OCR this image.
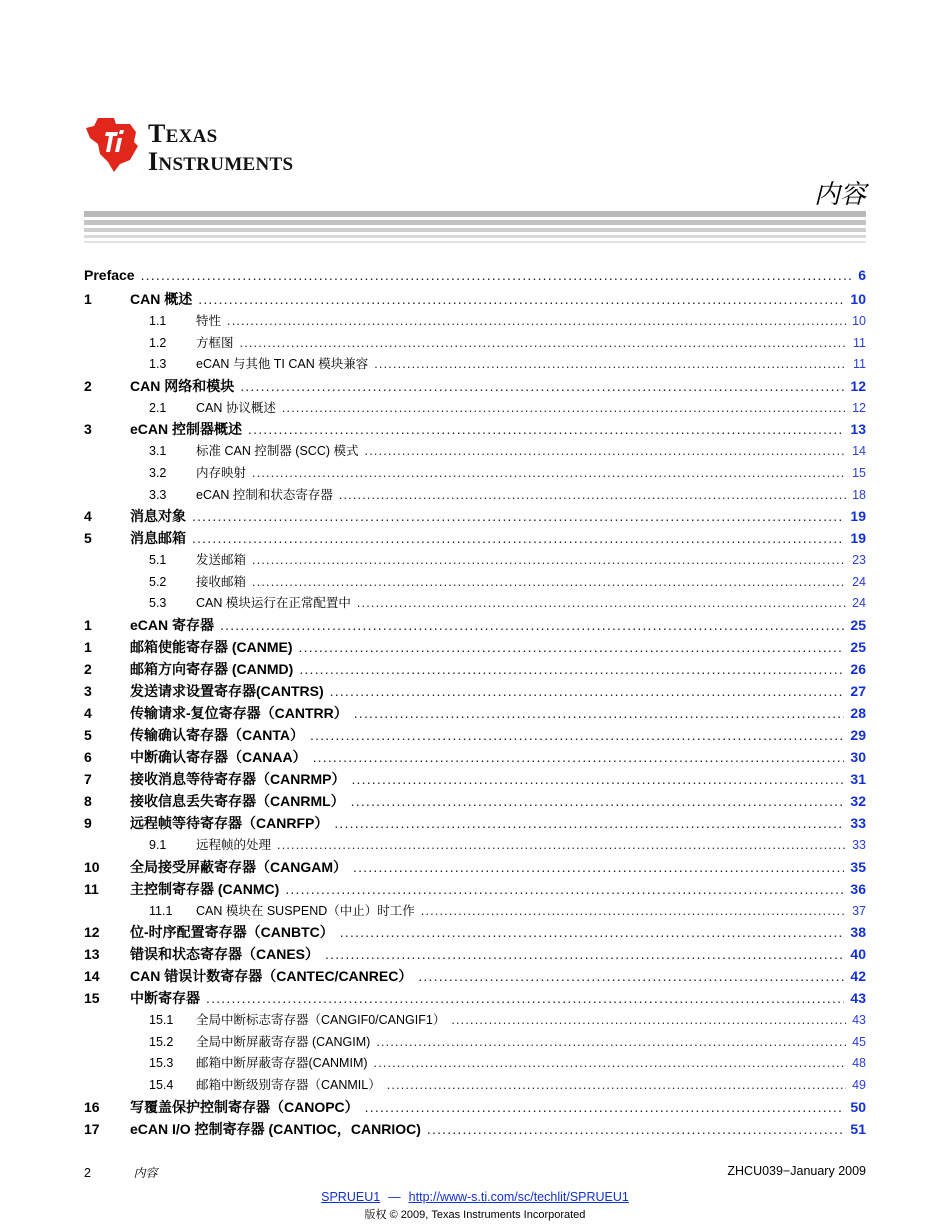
TEXAS
INSTRUMENTS
内容
Preface .....	6
1	CAN 概述 .....	10
1.1	特性 .....	10
1.2	方框图 .....	11
1.3	eCAN 与其他 TI CAN 模块兼容 .....	11
2	CAN 网络和模块 .....	12
2.1	CAN 协议概述 .....	12
3	eCAN 控制器概述 .....	13
3.1	标准 CAN 控制器 (SCC) 模式 .....	14
3.2	内存映射 .....	15
3.3	eCAN 控制和状态寄存器 .....	18
4	消息对象 .....	19
5	消息邮箱 .....	19
5.1	发送邮箱 .....	23
5.2	接收邮箱 .....	24
5.3	CAN 模块运行在正常配置中 .....	24
1	eCAN 寄存器 .....	25
1	邮箱使能寄存器 (CANME) .....	25
2	邮箱方向寄存器 (CANMD) .....	26
3	发送请求设置寄存器(CANTRS) .....	27
4	传输请求-复位寄存器（CANTRR） .....	28
5	传输确认寄存器（CANTA） .....	29
6	中断确认寄存器（CANAA） .....	30
7	接收消息等待寄存器（CANRMP） .....	31
8	接收信息丢失寄存器（CANRML） .....	32
9	远程帧等待寄存器（CANRFP） .....	33
9.1	远程帧的处理 .....	33
10	全局接受屏蔽寄存器（CANGAM） .....	35
11	主控制寄存器 (CANMC) .....	36
11.1	CAN 模块在 SUSPEND（中止）时工作 .....	37
12	位-时序配置寄存器（CANBTC） .....	38
13	错误和状态寄存器（CANES） .....	40
14	CAN 错误计数寄存器（CANTEC/CANREC） .....	42
15	中断寄存器 .....	43
15.1	全局中断标志寄存器（CANGIF0/CANGIF1） .....	43
15.2	全局中断屏蔽寄存器 (CANGIM) .....	45
15.3	邮箱中断屏蔽寄存器(CANMIM) .....	48
15.4	邮箱中断级别寄存器（CANMIL） .....	49
16	写覆盖保护控制寄存器（CANOPC） .....	50
17	eCAN I/O 控制寄存器 (CANTIOC，CANRIOC) .....	51
2	内容	ZHCU039−January 2009
SPRUEU1 — http://www-s.ti.com/sc/techlit/SPRUEU1
版权 © 2009, Texas Instruments Incorporated
